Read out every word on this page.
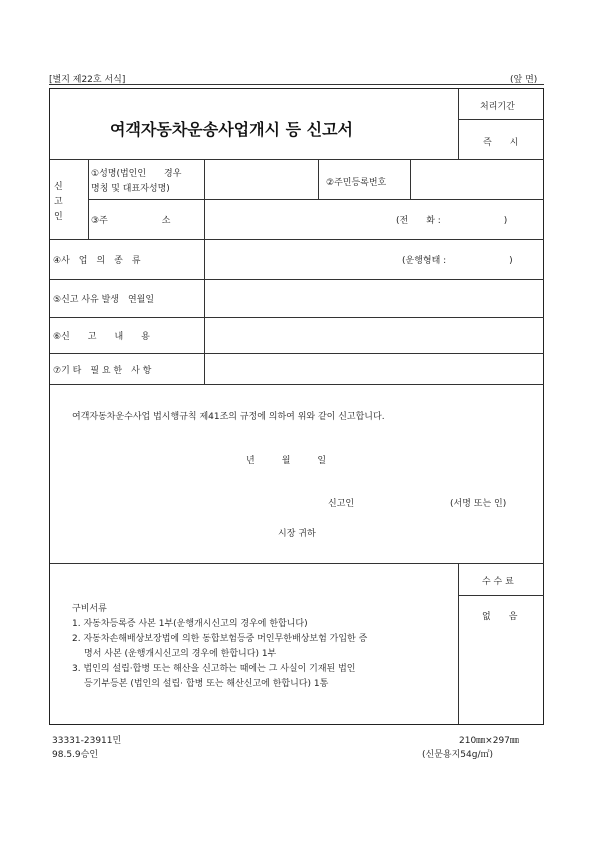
[별지 제22호 서식]	(앞 면)
여객자동차운송사업개시 등 신고서
처리기간
즉　　시
신
고
인
①성명(법인인　　경우
명칭 및 대표자성명)
②주민등록번호
③주　　　　　　소	(전　　화 :　　　　　　　)
④사　업　의　종　류	(운행형태 :　　　　　　　)
⑤신고 사유 발생　연월일
⑥신　　고　　내　　용
⑦기 타　필 요 한　사 항
여객자동차운수사업 법시행규칙 제41조의 규정에 의하여 위와 같이 신고합니다.
년　　　월　　　일
신고인	(서명 또는 인)
시장 귀하
구비서류
1. 자동차등록증 사본 1부(운행개시신고의 경우에 한합니다)
2. 자동차손해배상보장법에 의한 동합보험등중 머인무한배상보험 가입한 증
명서 사본 (운행개시신고의 경우에 한합니다) 1부
3. 법인의 설립·합병 또는 해산을 신고하는 때에는 그 사실이 기재된 법인
등기부등본 (법인의 설립· 합병 또는 해산신고에 한합니다) 1통
수 수 료
없　　음
33331-23911민
98.5.9승인
210㎜×297㎜
(신문용지54g/㎡)
